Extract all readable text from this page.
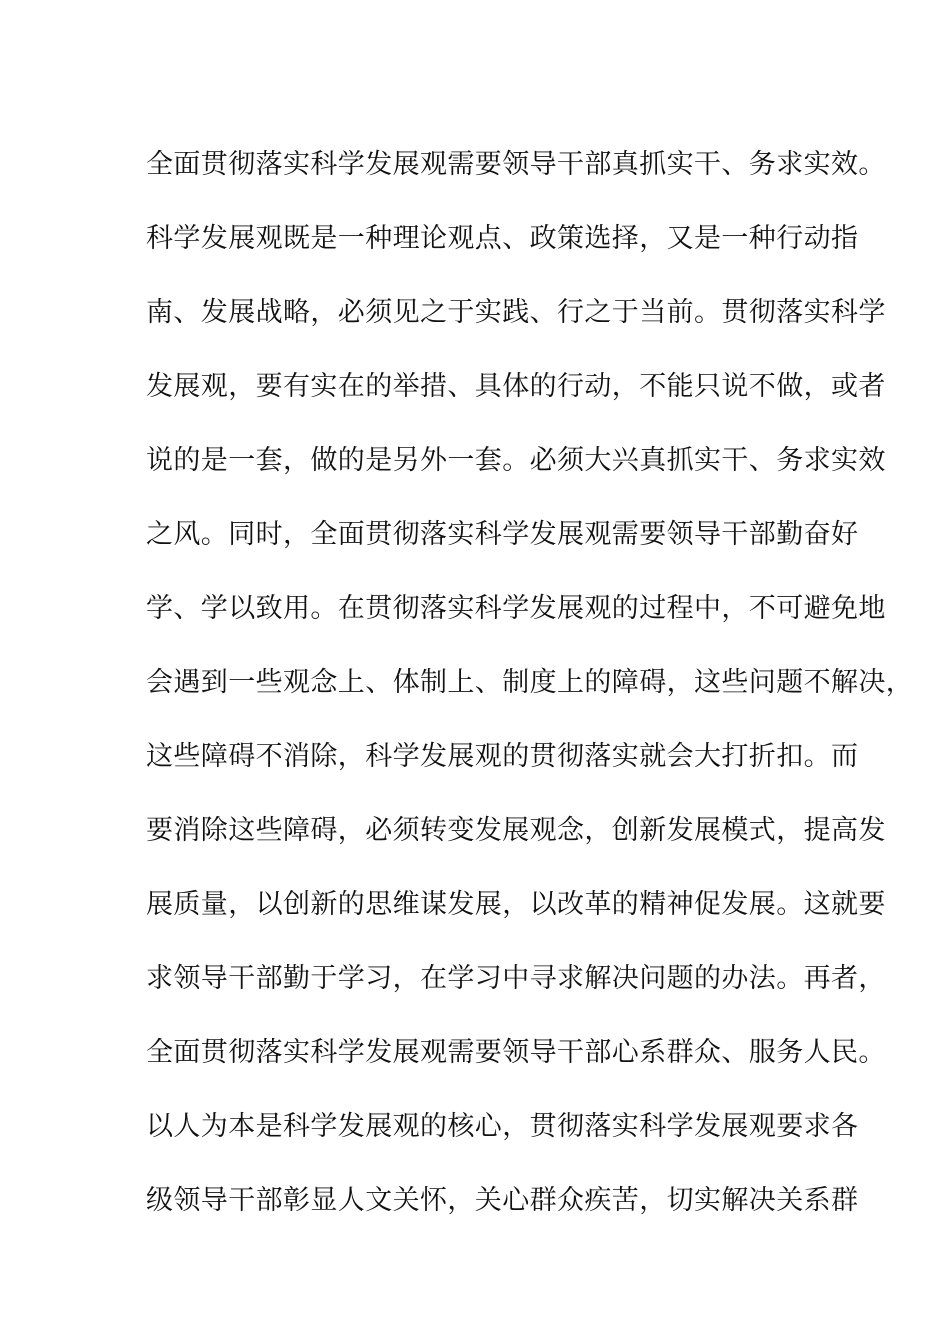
全面贯彻落实科学发展观需要领导干部真抓实干、务求实效。
科学发展观既是一种理论观点、政策选择，又是一种行动指
南、发展战略，必须见之于实践、行之于当前。贯彻落实科学
发展观，要有实在的举措、具体的行动，不能只说不做，或者
说的是一套，做的是另外一套。必须大兴真抓实干、务求实效
之风。同时，全面贯彻落实科学发展观需要领导干部勤奋好
学、学以致用。在贯彻落实科学发展观的过程中，不可避免地
会遇到一些观念上、体制上、制度上的障碍，这些问题不解决，
这些障碍不消除，科学发展观的贯彻落实就会大打折扣。而
要消除这些障碍，必须转变发展观念，创新发展模式，提高发
展质量，以创新的思维谋发展，以改革的精神促发展。这就要
求领导干部勤于学习，在学习中寻求解决问题的办法。再者，
全面贯彻落实科学发展观需要领导干部心系群众、服务人民。
以人为本是科学发展观的核心，贯彻落实科学发展观要求各
级领导干部彰显人文关怀，关心群众疾苦，切实解决关系群
